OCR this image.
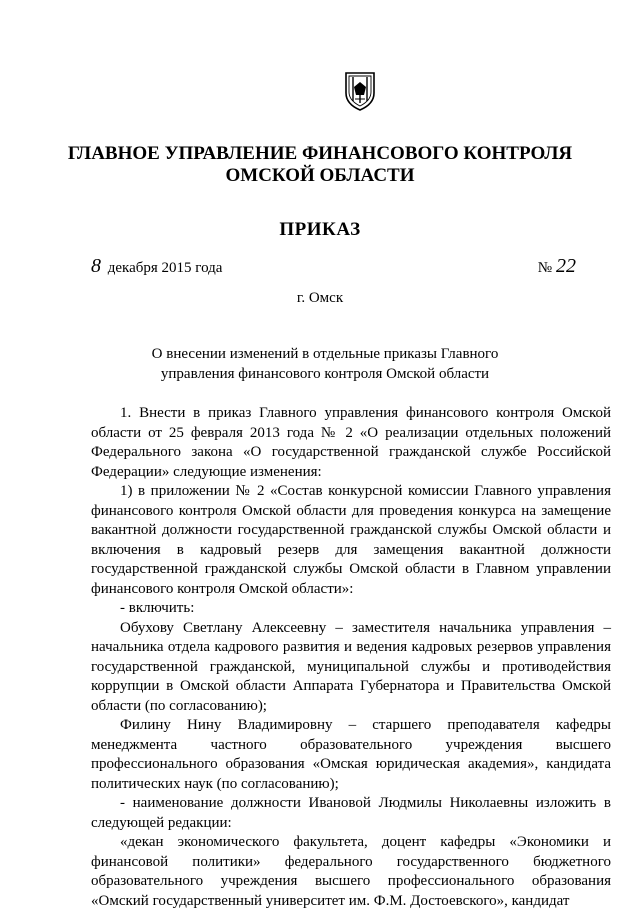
ГЛАВНОЕ УПРАВЛЕНИЕ ФИНАНСОВОГО КОНТРОЛЯ
ОМСКОЙ ОБЛАСТИ
ПРИКАЗ
8 декабря 2015 года	№ 22
г. Омск
О внесении изменений в отдельные приказы Главного управления финансового контроля Омской области

1. Внести в приказ Главного управления финансового контроля Омской области от 25 февраля 2013 года № 2 «О реализации отдельных положений Федерального закона «О государственной гражданской службе Российской Федерации» следующие изменения:

1) в приложении № 2 «Состав конкурсной комиссии Главного управления финансового контроля Омской области для проведения конкурса на замещение вакантной должности государственной гражданской службы Омской области и включения в кадровый резерв для замещения вакантной должности государственной гражданской службы Омской области в Главном управлении финансового контроля Омской области»:

- включить:

Обухову Светлану Алексеевну – заместителя начальника управления – начальника отдела кадрового развития и ведения кадровых резервов управления государственной гражданской, муниципальной службы и противодействия коррупции в Омской области Аппарата Губернатора и Правительства Омской области (по согласованию);

Филину Нину Владимировну – старшего преподавателя кафедры менеджмента частного образовательного учреждения высшего профессионального образования «Омская юридическая академия», кандидата политических наук (по согласованию);

- наименование должности Ивановой Людмилы Николаевны изложить в следующей редакции:

«декан экономического факультета, доцент кафедры «Экономики и финансовой политики» федерального государственного бюджетного образовательного учреждения высшего профессионального образования «Омский государственный университет им. Ф.М. Достоевского», кандидат
